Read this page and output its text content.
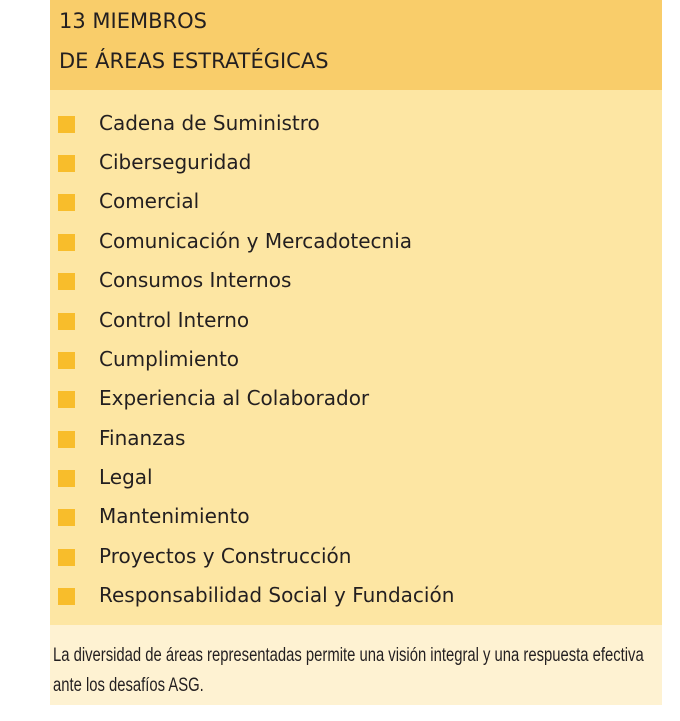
13 MIEMBROS
DE ÁREAS ESTRATÉGICAS
Cadena de Suministro
Ciberseguridad
Comercial
Comunicación y Mercadotecnia
Consumos Internos
Control Interno
Cumplimiento
Experiencia al Colaborador
Finanzas
Legal
Mantenimiento
Proyectos y Construcción
Responsabilidad Social y Fundación
La diversidad de áreas representadas permite una visión integral y una respuesta efectiva ante los desafíos ASG.
